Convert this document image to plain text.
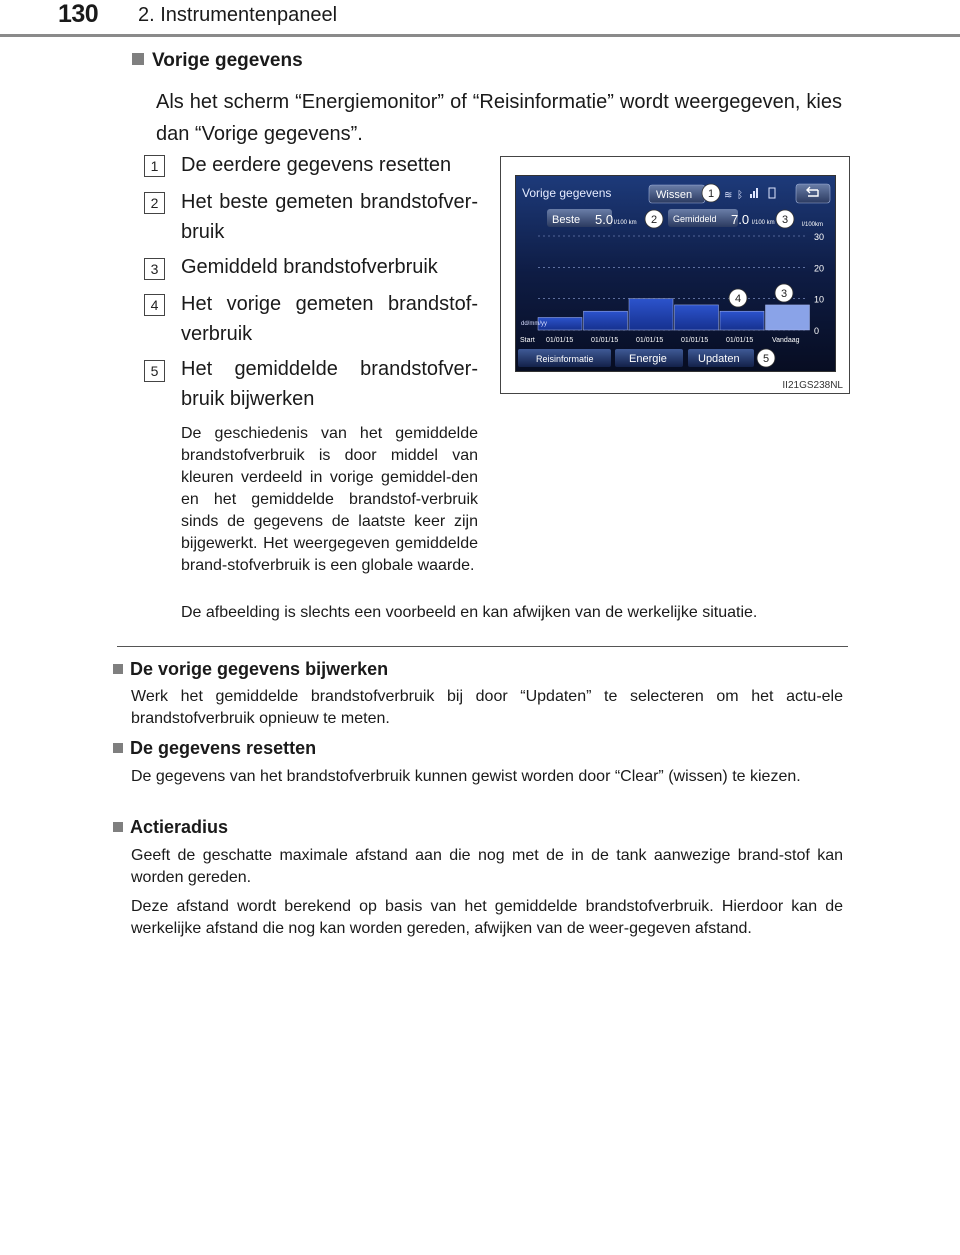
130 2. Instrumentenpaneel
Vorige gegevens
Als het scherm “Energiemonitor” of “Reisinformatie” wordt weergegeven, kies dan “Vorige gegevens”.
1	De eerdere gegevens resetten
2	Het beste gemeten brandstofver-bruik
3	Gemiddeld brandstofverbruik
4	Het vorige gemeten brandstof-verbruik
5	Het gemiddelde brandstofver-bruik bijwerken
De geschiedenis van het gemiddelde brandstofverbruik is door middel van kleuren verdeeld in vorige gemiddel-den en het gemiddelde brandstof-verbruik sinds de gegevens de laatste keer zijn bijgewerkt. Het weergegeven gemiddelde brand-stofverbruik is een globale waarde.
De afbeelding is slechts een voorbeeld en kan afwijken van de werkelijke situatie.
Vorige gegevens	Wissen	≋ ᛒ
Beste 5.0 l/100 km	Gemiddeld 7.0 l/100 km	l/100km
30
20
10
0
Start 01/01/15	01/01/15	01/01/15	01/01/15	01/01/15	Vandaag
dd/mm/yy
Reisinformatie	Energie	Updaten
1
2	3
4	3
5
II21GS238NL
De vorige gegevens bijwerken
Werk het gemiddelde brandstofverbruik bij door “Updaten” te selecteren om het actu-ele brandstofverbruik opnieuw te meten.
De gegevens resetten
De gegevens van het brandstofverbruik kunnen gewist worden door “Clear” (wissen) te kiezen.
Actieradius
Geeft de geschatte maximale afstand aan die nog met de in de tank aanwezige brand-stof kan worden gereden.
Deze afstand wordt berekend op basis van het gemiddelde brandstofverbruik. Hierdoor kan de werkelijke afstand die nog kan worden gereden, afwijken van de weer-gegeven afstand.
